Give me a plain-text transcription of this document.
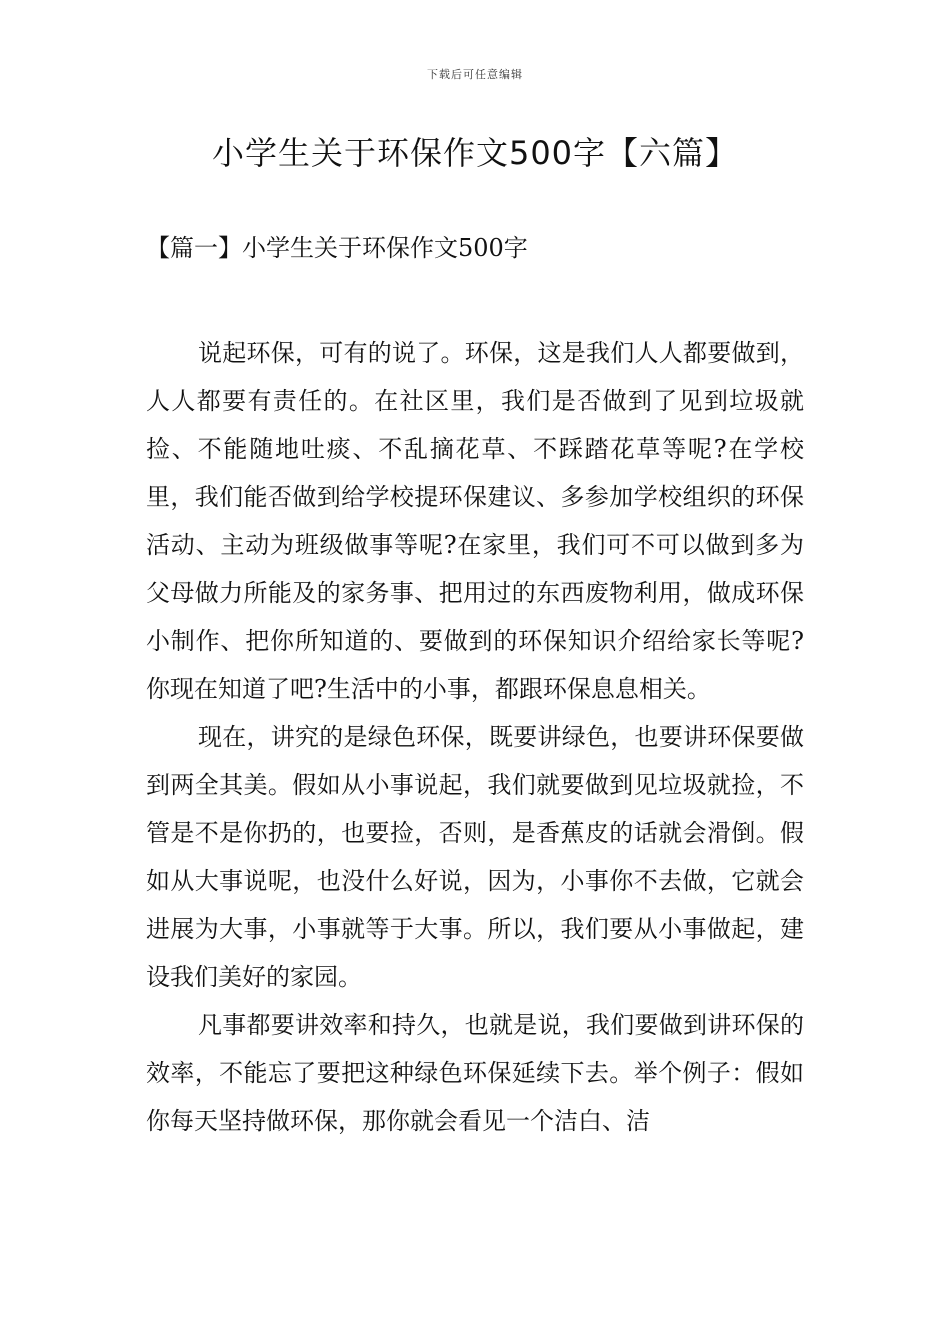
下载后可任意编辑
小学生关于环保作文500字【六篇】
【篇一】小学生关于环保作文500字

说起环保，可有的说了。环保，这是我们人人都要做到，人人都要有责任的。在社区里，我们是否做到了见到垃圾就捡、不能随地吐痰、不乱摘花草、不踩踏花草等呢?在学校里，我们能否做到给学校提环保建议、多参加学校组织的环保活动、主动为班级做事等呢?在家里，我们可不可以做到多为父母做力所能及的家务事、把用过的东西废物利用，做成环保小制作、把你所知道的、要做到的环保知识介绍给家长等呢?你现在知道了吧?生活中的小事，都跟环保息息相关。

现在，讲究的是绿色环保，既要讲绿色，也要讲环保要做到两全其美。假如从小事说起，我们就要做到见垃圾就捡，不管是不是你扔的，也要捡，否则，是香蕉皮的话就会滑倒。假如从大事说呢，也没什么好说，因为，小事你不去做，它就会进展为大事，小事就等于大事。所以，我们要从小事做起，建设我们美好的家园。

凡事都要讲效率和持久，也就是说，我们要做到讲环保的效率，不能忘了要把这种绿色环保延续下去。举个例子：假如你每天坚持做环保，那你就会看见一个洁白、洁
